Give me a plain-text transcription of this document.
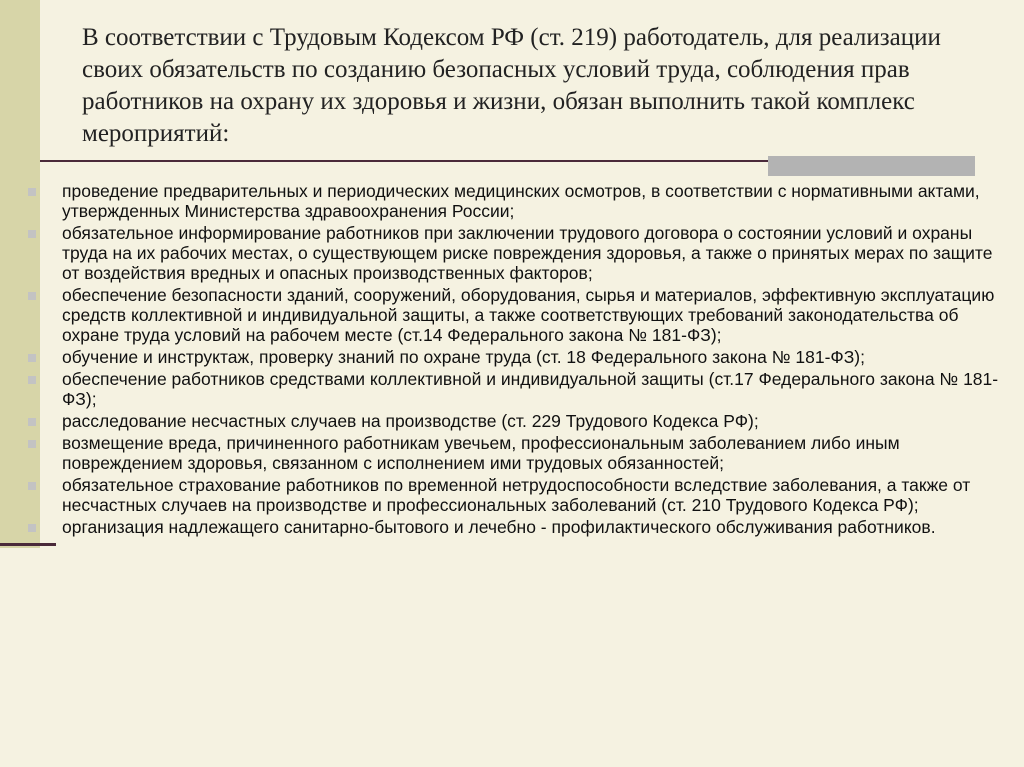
В соответствии с Трудовым Кодексом РФ (ст. 219) работодатель, для реализации своих обязательств по созданию безопасных условий труда, соблюдения прав работников на охрану их здоровья и жизни, обязан выполнить такой комплекс мероприятий:
проведение предварительных и периодических медицинских осмотров, в соответствии с нормативными актами, утвержденных Министерства здравоохранения России;
обязательное информирование работников при заключении трудового договора о состоянии условий и охраны труда на их рабочих местах, о существующем риске повреждения здоровья, а также о принятых мерах по защите от воздействия вредных и опасных производственных факторов;
обеспечение безопасности зданий, сооружений, оборудования, сырья и материалов, эффективную эксплуатацию средств коллективной и индивидуальной защиты, а также соответствующих требований законодательства об охране труда условий на рабочем месте (ст.14 Федерального закона № 181-ФЗ);
обучение и инструктаж, проверку знаний по охране труда (ст. 18 Федерального закона № 181-ФЗ);
обеспечение работников средствами коллективной и индивидуальной защиты (ст.17 Федерального закона № 181-ФЗ);
расследование несчастных случаев на производстве (ст. 229 Трудового Кодекса РФ);
возмещение вреда, причиненного работникам увечьем, профессиональным заболеванием либо иным повреждением здоровья, связанном с исполнением ими трудовых обязанностей;
обязательное страхование работников по временной нетрудоспособности вследствие заболевания, а также от несчастных случаев на производстве и профессиональных заболеваний (ст. 210 Трудового Кодекса РФ);
организация надлежащего санитарно-бытового и лечебно - профилактического обслуживания работников.
